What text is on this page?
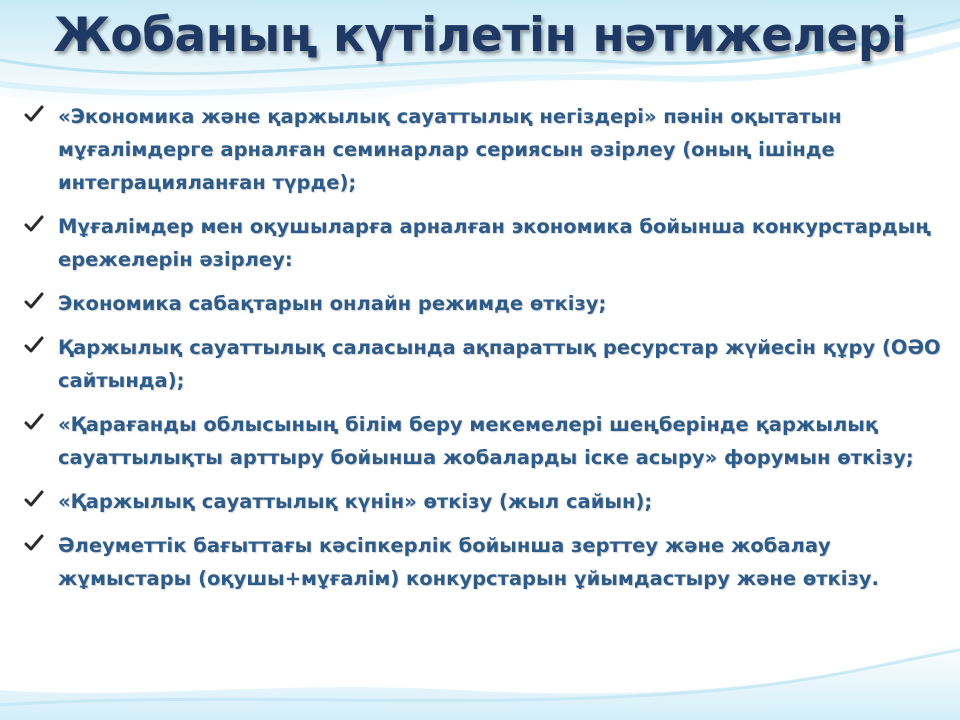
Жобаның күтілетін нәтижелері
«Экономика және қаржылық сауаттылық негіздері» пәнін оқытатын мұғалімдерге арналған семинарлар сериясын әзірлеу (оның ішінде интеграцияланған түрде);
Мұғалімдер мен оқушыларға арналған экономика бойынша конкурстардың ережелерін әзірлеу:
Экономика сабақтарын онлайн режимде өткізу;
Қаржылық сауаттылық саласында ақпараттық ресурстар жүйесін құру (ОӘО сайтында);
«Қарағанды облысының білім беру мекемелері шеңберінде қаржылық сауаттылықты арттыру бойынша жобаларды іске асыру» форумын өткізу;
«Қаржылық сауаттылық күнін» өткізу (жыл сайын);
Әлеуметтік бағыттағы кәсіпкерлік бойынша зерттеу және жобалау жұмыстары (оқушы+мұғалім) конкурстарын ұйымдастыру және өткізу.
